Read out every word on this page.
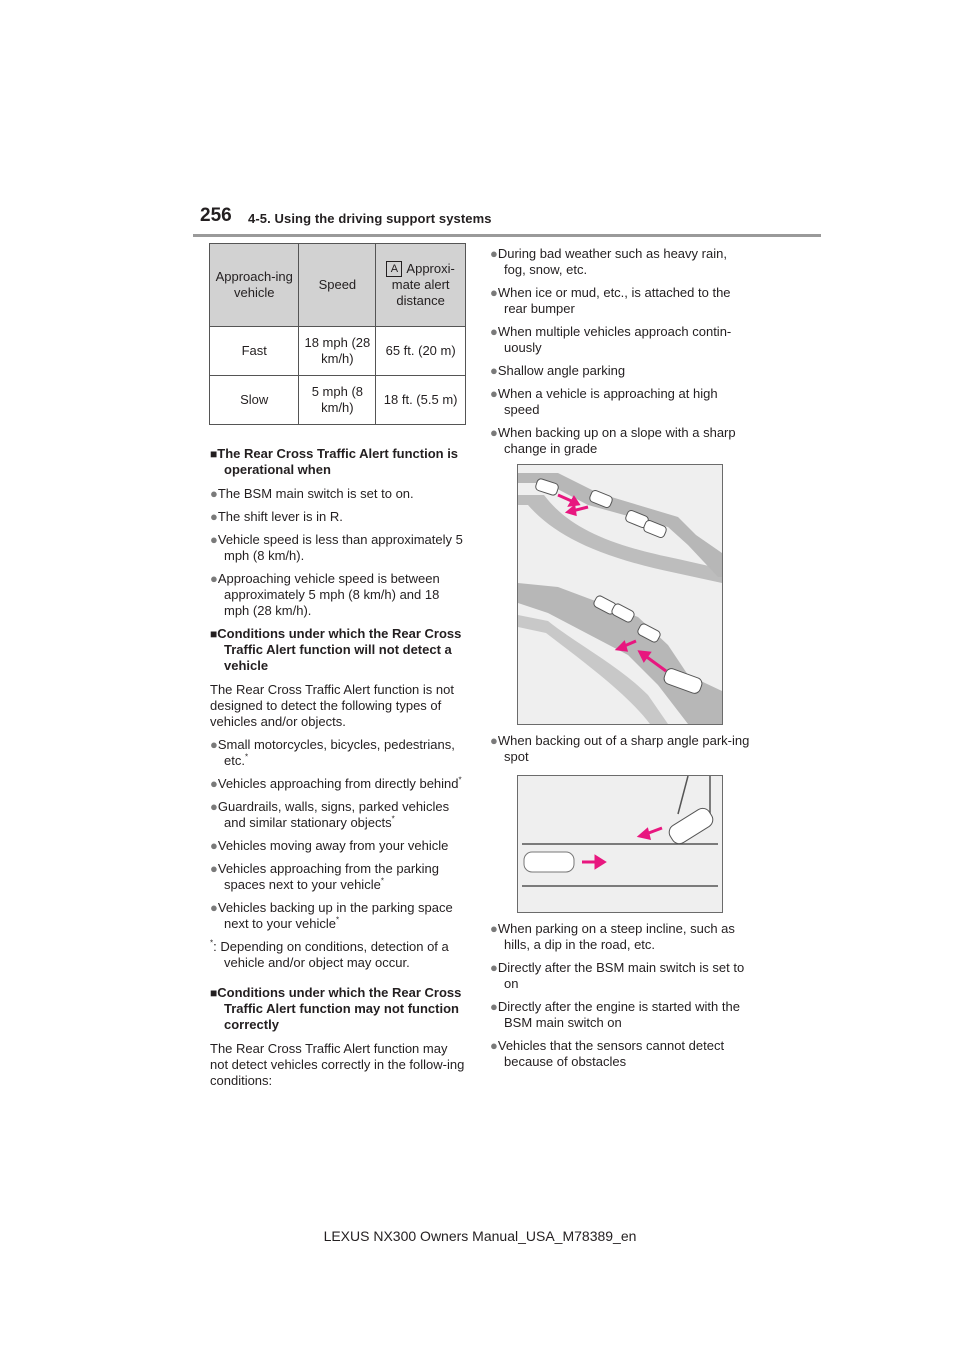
256 4-5. Using the driving support systems
Approach-ing vehicle	Speed	A Approxi-mate alert distance
Fast	18 mph (28 km/h)	65 ft. (20 m)
Slow	5 mph (8 km/h)	18 ft. (5.5 m)

■The Rear Cross Traffic Alert function is operational when

●The BSM main switch is set to on.

●The shift lever is in R.

●Vehicle speed is less than approximately 5 mph (8 km/h).

●Approaching vehicle speed is between approximately 5 mph (8 km/h) and 18 mph (28 km/h).

■Conditions under which the Rear Cross Traffic Alert function will not detect a vehicle

The Rear Cross Traffic Alert function is not designed to detect the following types of vehicles and/or objects.

●Small motorcycles, bicycles, pedestrians, etc.*

●Vehicles approaching from directly behind*

●Guardrails, walls, signs, parked vehicles and similar stationary objects*

●Vehicles moving away from your vehicle

●Vehicles approaching from the parking spaces next to your vehicle*

●Vehicles backing up in the parking space next to your vehicle*

*: Depending on conditions, detection of a vehicle and/or object may occur.

■Conditions under which the Rear Cross Traffic Alert function may not function correctly

The Rear Cross Traffic Alert function may not detect vehicles correctly in the follow-ing conditions:

●During bad weather such as heavy rain, fog, snow, etc.

●When ice or mud, etc., is attached to the rear bumper

●When multiple vehicles approach contin-uously

●Shallow angle parking

●When a vehicle is approaching at high speed

●When backing up on a slope with a sharp change in grade

●When backing out of a sharp angle park-ing spot

●When parking on a steep incline, such as hills, a dip in the road, etc.

●Directly after the BSM main switch is set to on

●Directly after the engine is started with the BSM main switch on

●Vehicles that the sensors cannot detect because of obstacles

LEXUS NX300 Owners Manual_USA_M78389_en
